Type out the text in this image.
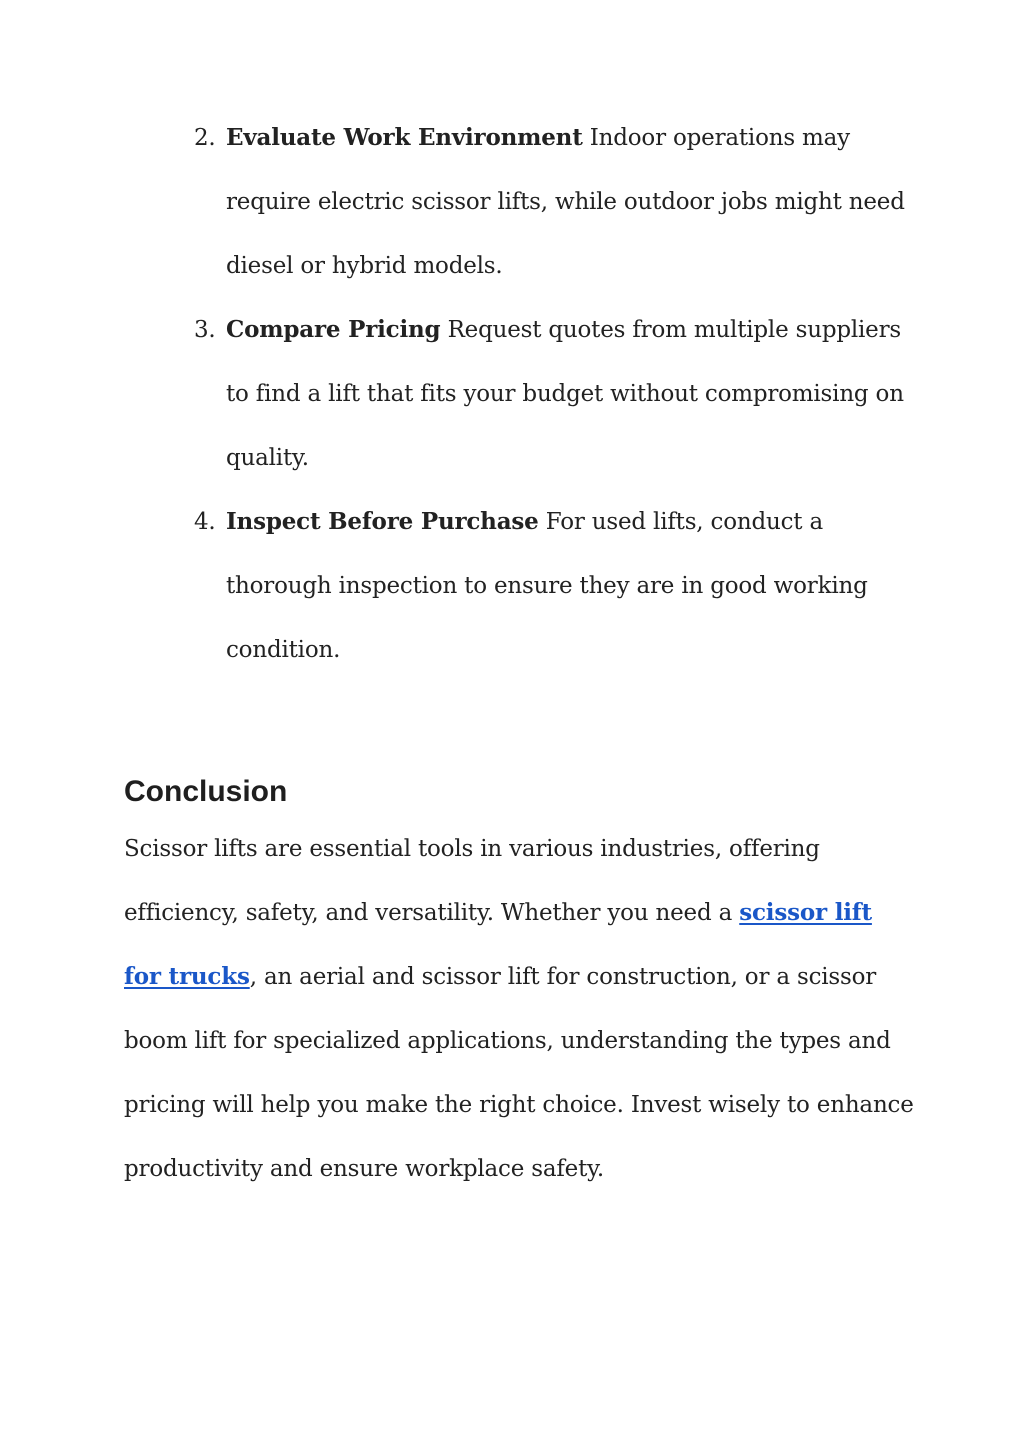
2. Evaluate Work Environment Indoor operations may require electric scissor lifts, while outdoor jobs might need diesel or hybrid models.
3. Compare Pricing Request quotes from multiple suppliers to find a lift that fits your budget without compromising on quality.
4. Inspect Before Purchase For used lifts, conduct a thorough inspection to ensure they are in good working condition.
Conclusion

Scissor lifts are essential tools in various industries, offering efficiency, safety, and versatility. Whether you need a scissor lift for trucks, an aerial and scissor lift for construction, or a scissor boom lift for specialized applications, understanding the types and pricing will help you make the right choice. Invest wisely to enhance productivity and ensure workplace safety.
